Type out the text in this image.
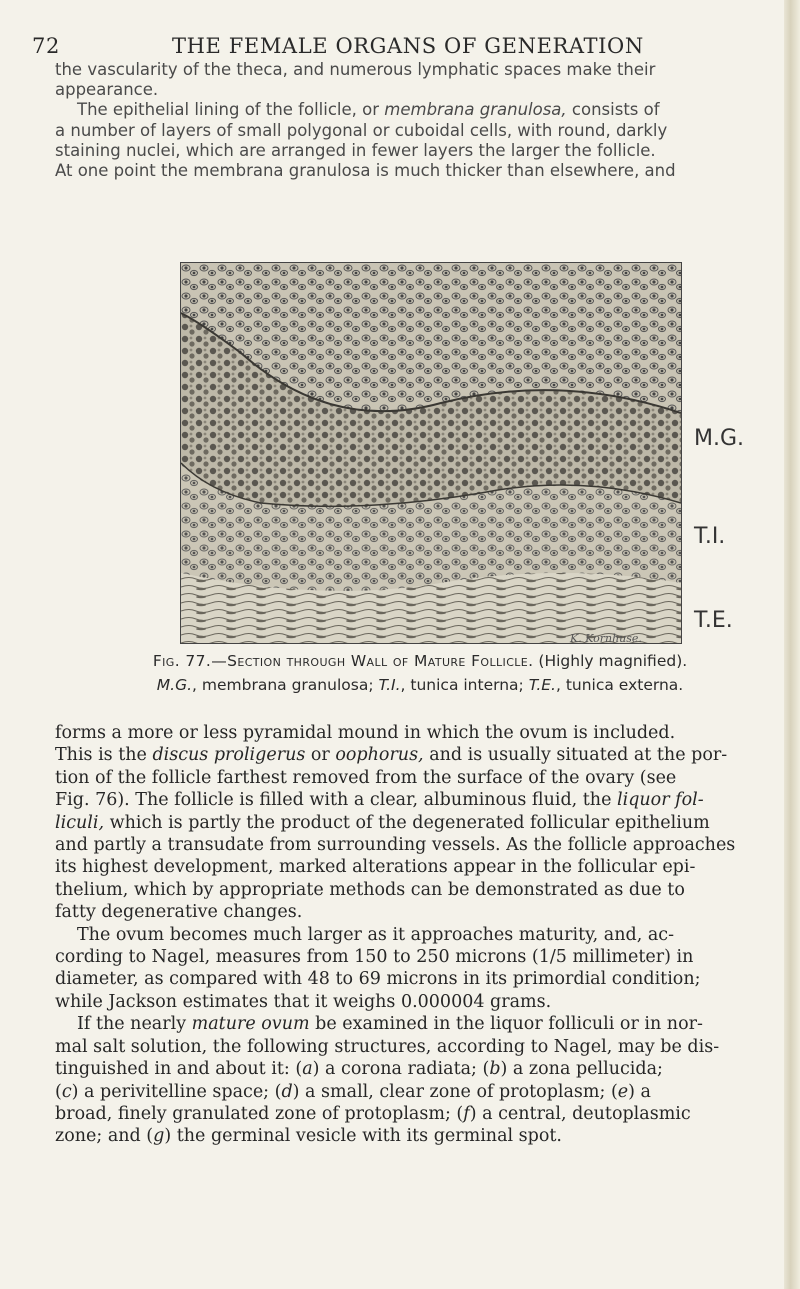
72	THE FEMALE ORGANS OF GENERATION
the vascularity of the theca, and numerous lymphatic spaces make their
appearance.
The epithelial lining of the follicle, or membrana granulosa, consists of
a number of layers of small polygonal or cuboidal cells, with round, darkly
staining nuclei, which are arranged in fewer layers the larger the follicle.
At one point the membrana granulosa is much thicker than elsewhere, and
M.G.
T.I.
T.E.
K. Kornhuse.
Fig. 77.—Section through Wall of Mature Follicle. (Highly magnified).
M.G., membrana granulosa; T.I., tunica interna; T.E., tunica externa.
forms a more or less pyramidal mound in which the ovum is included.
This is the discus proligerus or oophorus, and is usually situated at the por-
tion of the follicle farthest removed from the surface of the ovary (see
Fig. 76). The follicle is filled with a clear, albuminous fluid, the liquor fol-
liculi, which is partly the product of the degenerated follicular epithelium
and partly a transudate from surrounding vessels. As the follicle approaches
its highest development, marked alterations appear in the follicular epi-
thelium, which by appropriate methods can be demonstrated as due to
fatty degenerative changes.
The ovum becomes much larger as it approaches maturity, and, ac-
cording to Nagel, measures from 150 to 250 microns (1/5 millimeter) in
diameter, as compared with 48 to 69 microns in its primordial condition;
while Jackson estimates that it weighs 0.000004 grams.
If the nearly mature ovum be examined in the liquor folliculi or in nor-
mal salt solution, the following structures, according to Nagel, may be dis-
tinguished in and about it: (a) a corona radiata; (b) a zona pellucida;
(c) a perivitelline space; (d) a small, clear zone of protoplasm; (e) a
broad, finely granulated zone of protoplasm; (f) a central, deutoplasmic
zone; and (g) the germinal vesicle with its germinal spot.
